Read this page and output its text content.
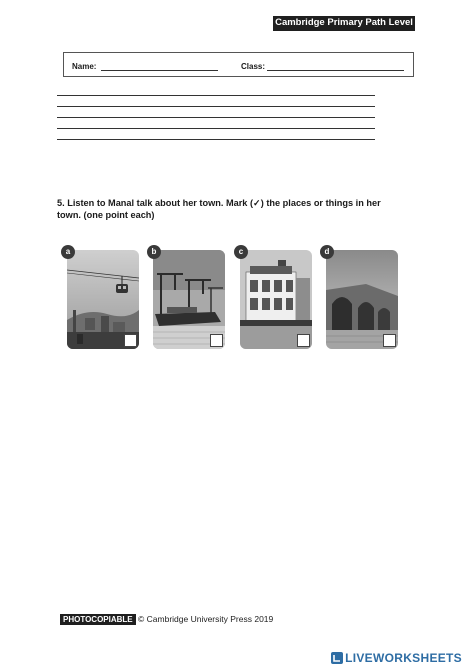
Cambridge Primary Path Level 3
Name:	Class:
5. Listen to Manal talk about her town. Mark (✓) the places or things in her town. (one point each)
a	b	c	d
PHOTOCOPIABLE © Cambridge University Press 2019
LIVEWORKSHEETS
